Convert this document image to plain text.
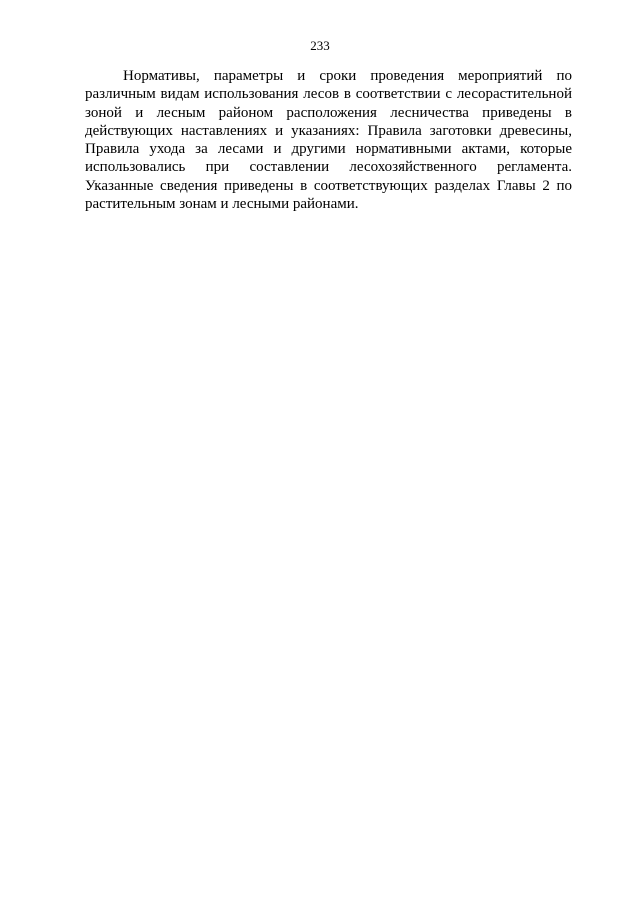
233
Нормативы, параметры и сроки проведения мероприятий по
различным видам использования лесов в соответствии с лесорастительной
зоной и лесным районом расположения лесничества приведены в
действующих наставлениях и указаниях: Правила заготовки древесины,
Правила ухода за лесами и другими нормативными актами, которые
использовались при составлении лесохозяйственного регламента.
Указанные сведения приведены в соответствующих разделах Главы 2 по
растительным зонам и лесными районами.
